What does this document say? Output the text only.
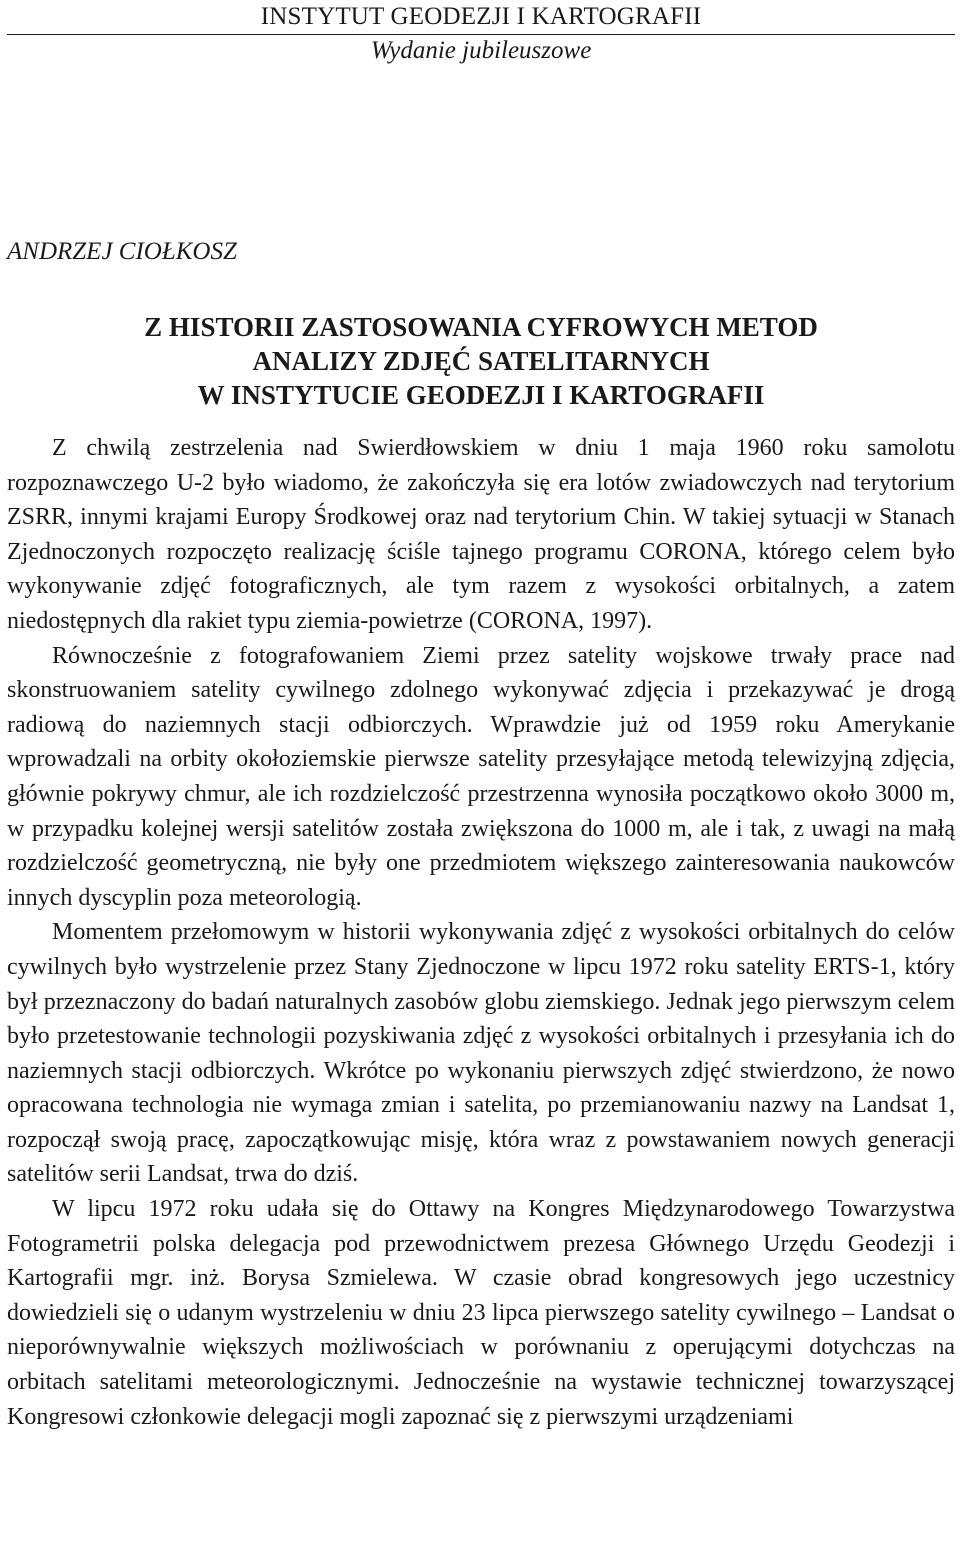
INSTYTUT GEODEZJI I KARTOGRAFII
Wydanie jubileuszowe
ANDRZEJ CIOŁKOSZ
Z HISTORII ZASTOSOWANIA CYFROWYCH METOD
ANALIZY ZDJĘĆ SATELITARNYCH
W INSTYTUCIE GEODEZJI I KARTOGRAFII

Z chwilą zestrzelenia nad Swierdłowskiem w dniu 1 maja 1960 roku samolotu rozpoznawczego U-2 było wiadomo, że zakończyła się era lotów zwiadowczych nad terytorium ZSRR, innymi krajami Europy Środkowej oraz nad terytorium Chin. W takiej sytuacji w Stanach Zjednoczonych rozpoczęto realizację ściśle tajnego programu CORONA, którego celem było wykonywanie zdjęć fotograficznych, ale tym razem z wysokości orbitalnych, a zatem niedostępnych dla rakiet typu ziemia-powietrze (CORONA, 1997).

Równocześnie z fotografowaniem Ziemi przez satelity wojskowe trwały prace nad skonstruowaniem satelity cywilnego zdolnego wykonywać zdjęcia i przekazywać je drogą radiową do naziemnych stacji odbiorczych. Wprawdzie już od 1959 roku Amerykanie wprowadzali na orbity okołoziemskie pierwsze satelity przesyłające metodą telewizyjną zdjęcia, głównie pokrywy chmur, ale ich rozdzielczość przestrzenna wynosiła początkowo około 3000 m, w przypadku kolejnej wersji satelitów została zwiększona do 1000 m, ale i tak, z uwagi na małą rozdzielczość geometryczną, nie były one przedmiotem większego zainteresowania naukowców innych dyscyplin poza meteorologią.

Momentem przełomowym w historii wykonywania zdjęć z wysokości orbitalnych do celów cywilnych było wystrzelenie przez Stany Zjednoczone w lipcu 1972 roku satelity ERTS-1, który był przeznaczony do badań naturalnych zasobów globu ziemskiego. Jednak jego pierwszym celem było przetestowanie technologii pozyskiwania zdjęć z wysokości orbitalnych i przesyłania ich do naziemnych stacji odbiorczych. Wkrótce po wykonaniu pierwszych zdjęć stwierdzono, że nowo opracowana technologia nie wymaga zmian i satelita, po przemianowaniu nazwy na Landsat 1, rozpoczął swoją pracę, zapoczątkowując misję, która wraz z powstawaniem nowych generacji satelitów serii Landsat, trwa do dziś.

W lipcu 1972 roku udała się do Ottawy na Kongres Międzynarodowego Towarzystwa Fotogrametrii polska delegacja pod przewodnictwem prezesa Głównego Urzędu Geodezji i Kartografii mgr. inż. Borysa Szmielewa. W czasie obrad kongresowych jego uczestnicy dowiedzieli się o udanym wystrzeleniu w dniu 23 lipca pierwszego satelity cywilnego – Landsat o nieporównywalnie większych możliwościach w porównaniu z operującymi dotychczas na orbitach satelitami meteorologicznymi. Jednocześnie na wystawie technicznej towarzyszącej Kongresowi członkowie delegacji mogli zapoznać się z pierwszymi urządzeniami
